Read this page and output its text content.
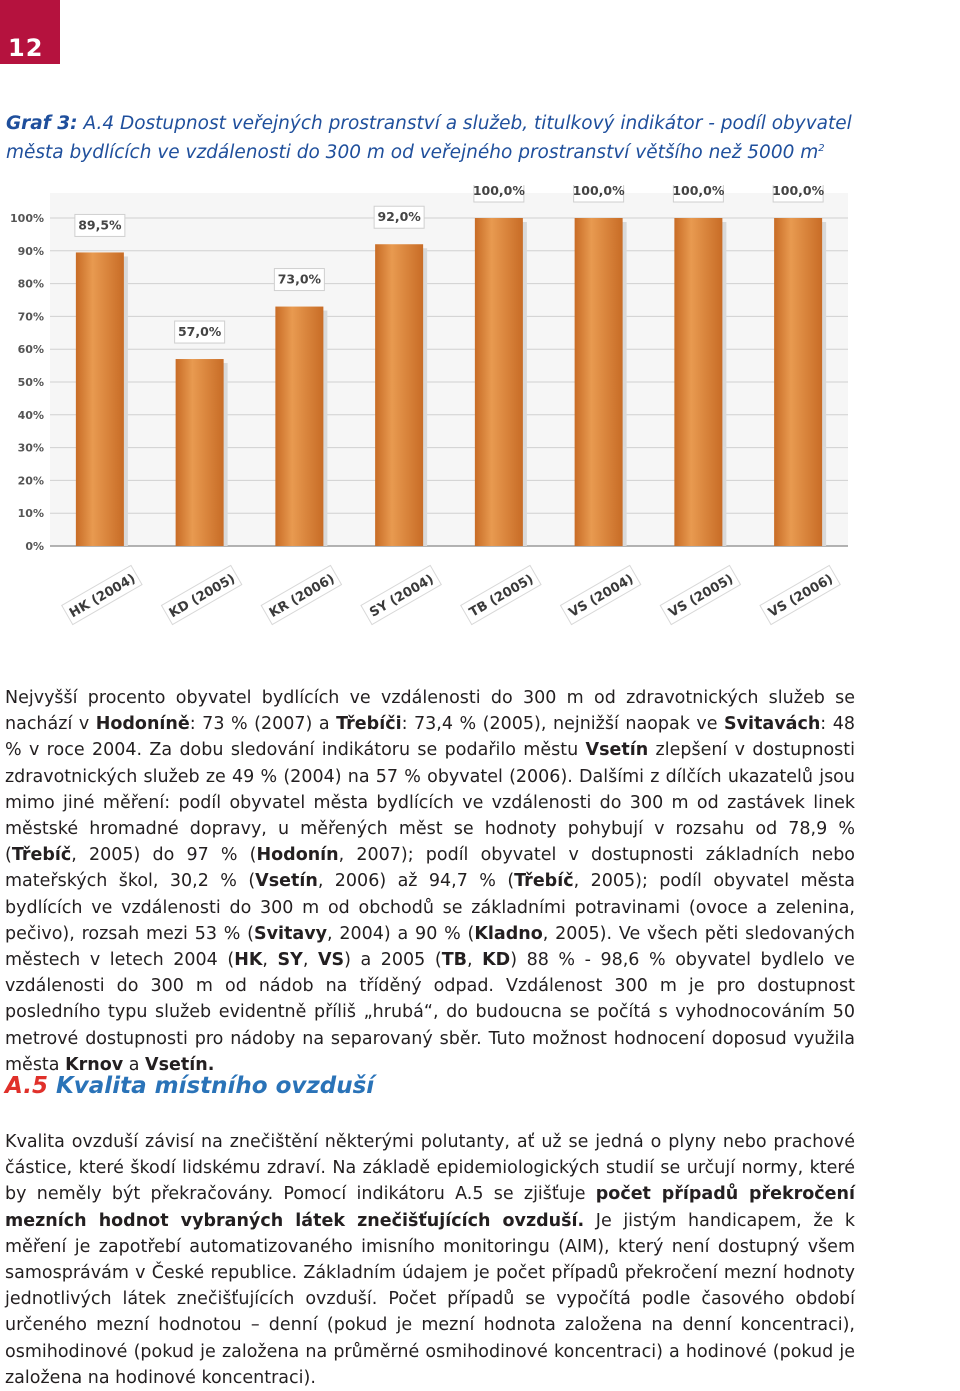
12
Graf 3: A.4 Dostupnost veřejných prostranství a služeb, titulkový indikátor - podíl obyvatel města bydlících ve vzdálenosti do 300 m od veřejného prostranství většího než 5000 $m^2$
0%
10%
20%
30%
40%
50%
60%
70%
80%
90%
100%	89,5%
HK (2004)
57,0%
KD (2005)
73,0%
KR (2006)
92,0%
SY (2004)
100,0%
TB (2005)
100,0%
VS (2004)
100,0%
VS (2005)
100,0%
VS (2006)
Nejvyšší procento obyvatel bydlících ve vzdálenosti do 300 m od zdravotnických služeb se nachází v Hodoníně: 73 % (2007) a Třebíči: 73,4 % (2005), nejnižší naopak ve Svitavách: 48 % v roce 2004. Za dobu sledování indikátoru se podařilo městu Vsetín zlepšení v dostupnosti zdravotnických služeb ze 49 % (2004) na 57 % obyvatel (2006). Dalšími z dílčích ukazatelů jsou mimo jiné měření: podíl obyvatel města bydlících ve vzdálenosti do 300 m od zastávek linek městské hromadné dopravy, u měřených měst se hodnoty pohybují v rozsahu od 78,9 % (Třebíč, 2005) do 97 % (Hodonín, 2007); podíl obyvatel v dostupnosti základních nebo mateřských škol, 30,2 % (Vsetín, 2006) až 94,7 % (Třebíč, 2005); podíl obyvatel města bydlících ve vzdálenosti do 300 m od obchodů se základními potravinami (ovoce a zelenina, pečivo), rozsah mezi 53 % (Svitavy, 2004) a 90 % (Kladno, 2005). Ve všech pěti sledovaných městech v letech 2004 (HK, SY, VS) a 2005 (TB, KD) 88 % - 98,6 % obyvatel bydlelo ve vzdálenosti do 300 m od nádob na tříděný odpad. Vzdálenost 300 m je pro dostupnost posledního typu služeb evidentně příliš „hrubá“, do budoucna se počítá s vyhodnocováním 50 metrové dostupnosti pro nádoby na separovaný sběr. Tuto možnost hodnocení doposud využila města Krnov a Vsetín.
A.5 Kvalita místního ovzduší
Kvalita ovzduší závisí na znečištění některými polutanty, ať už se jedná o plyny nebo prachové částice, které škodí lidskému zdraví. Na základě epidemiologických studií se určují normy, které by neměly být překračovány. Pomocí indikátoru A.5 se zjišťuje počet případů překročení mezních hodnot vybraných látek znečišťujících ovzduší. Je jistým handicapem, že k měření je zapotřebí automatizovaného imisního monitoringu (AIM), který není dostupný všem samosprávám v České republice. Základním údajem je počet případů překročení mezní hodnoty jednotlivých látek znečišťujících ovzduší. Počet případů se vypočítá podle časového období určeného mezní hodnotou – denní (pokud je mezní hodnota založena na denní koncentraci), osmihodinové (pokud je založena na průměrné osmihodinové koncentraci) a hodinové (pokud je založena na hodinové koncentraci).
